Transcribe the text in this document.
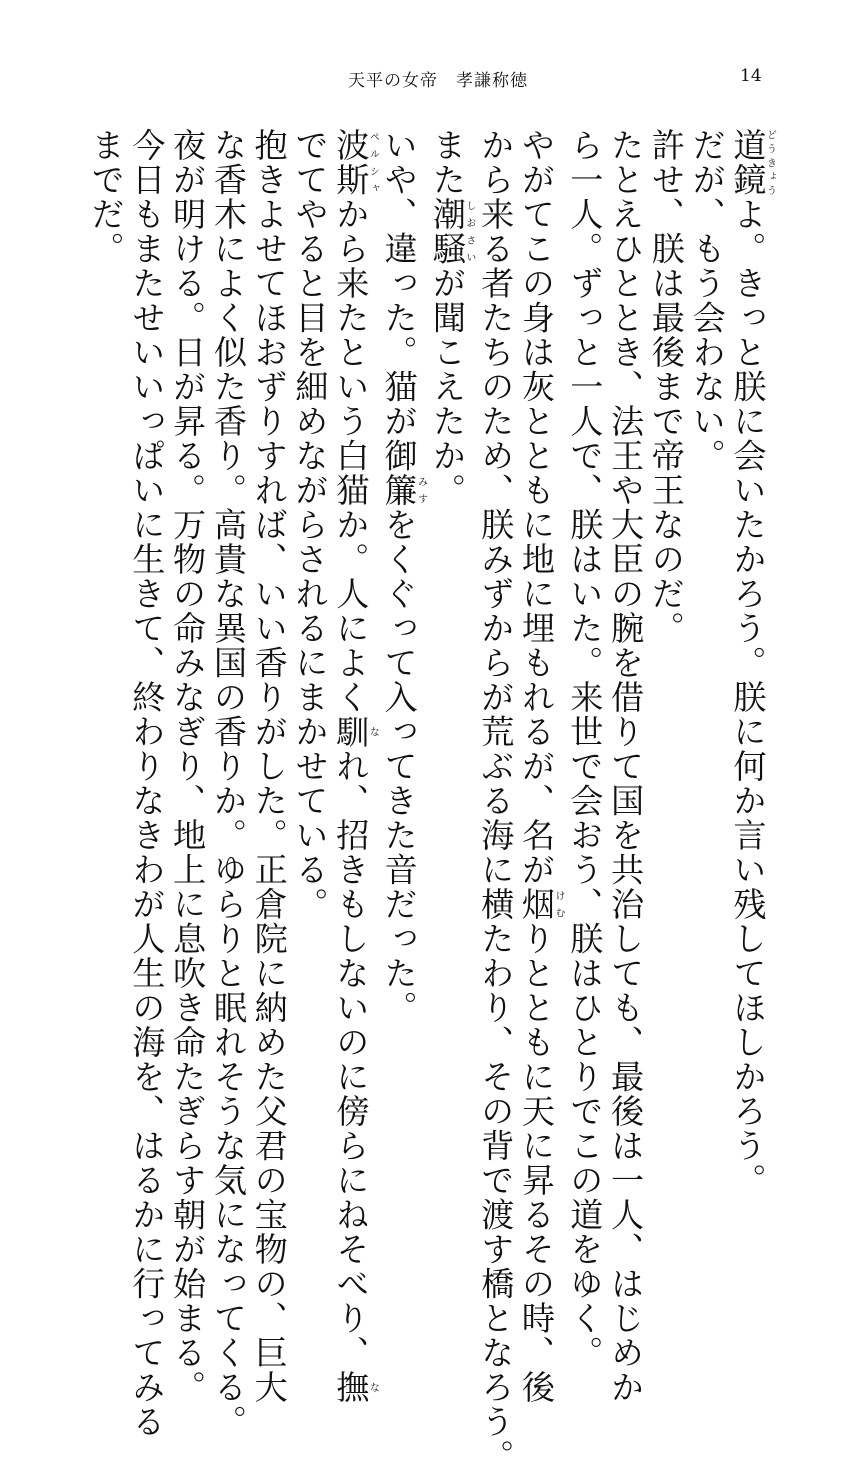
天平の女帝　孝謙称徳	14
道鏡どうきょうよ。きっと朕に会いたかろう。朕に何か言い残してほしかろう。
だが、もう会わない。
許せ、朕は最後まで帝王なのだ。
たとえひととき、法王や大臣の腕を借りて国を共治しても、最後は一人、はじめか
ら一人。ずっと一人で、朕はいた。来世で会おう、朕はひとりでこの道をゆく。
やがてこの身は灰とともに地に埋もれるが、名が烟けむりとともに天に昇るその時、後
から来る者たちのため、朕みずからが荒ぶる海に横たわり、その背で渡す橋となろう。
また潮騒しおさいが聞こえたか。
いや、違った。猫が御簾みすをくぐって入ってきた音だった。
波斯ペルシャから来たという白猫か。人によく馴なれ、招きもしないのに傍らにねそべり、撫な
でてやると目を細めながらされるにまかせている。
抱きよせてほおずりすれば、いい香りがした。正倉院に納めた父君の宝物の、巨大
な香木によく似た香り。高貴な異国の香りか。ゆらりと眠れそうな気になってくる。
夜が明ける。日が昇る。万物の命みなぎり、地上に息吹き命たぎらす朝が始まる。
今日もまたせいいっぱいに生きて、終わりなきわが人生の海を、はるかに行ってみる
までだ。
